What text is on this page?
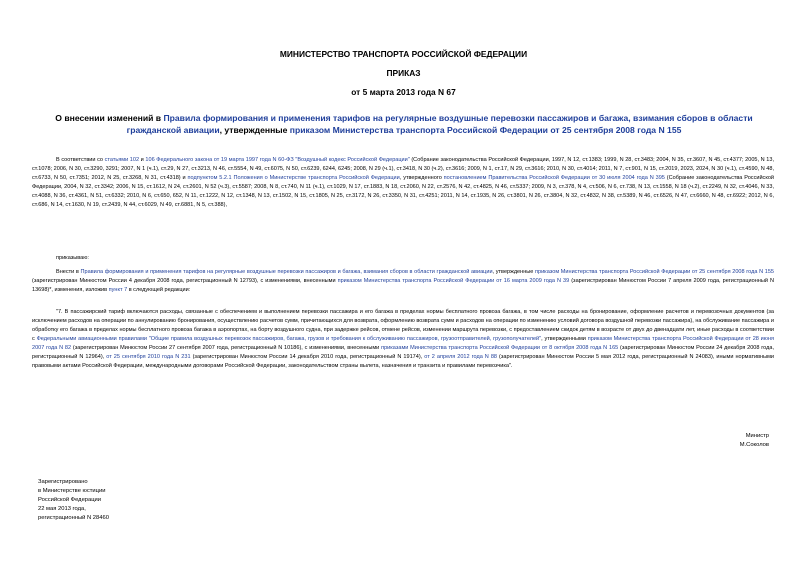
МИНИСТЕРСТВО ТРАНСПОРТА РОССИЙСКОЙ ФЕДЕРАЦИИ
ПРИКАЗ
от 5 марта 2013 года N 67
О внесении изменений в Правила формирования и применения тарифов на регулярные воздушные перевозки пассажиров и багажа, взимания сборов в области гражданской авиации, утвержденные приказом Министерства транспорта Российской Федерации от 25 сентября 2008 года N 155
В соответствии со статьями 102 и 106 Федерального закона от 19 марта 1997 года N 60-ФЗ "Воздушный кодекс Российской Федерации" (Собрание законодательства Российской Федерации, 1997, N 12, ст.1383; 1999, N 28, ст.3483; 2004, N 35, ст.3607, N 45, ст.4377; 2005, N 13, ст.1078; 2006, N 30, ст.3290, 3291; 2007, N 1 (ч.1), ст.29, N 27, ст.3213, N 46, ст.5554, N 49, ст.6075, N 50, ст.6239, 6244, 6245; 2008, N 29 (ч.1), ст.3418, N 30 (ч.2), ст.3616; 2009, N 1, ст.17, N 29, ст.3616; 2010, N 30, ст.4014; 2011, N 7, ст.901, N 15, ст.2019, 2023, 2024, N 30 (ч.1), ст.4590, N 48, ст.6733, N 50, ст.7351; 2012, N 25, ст.3268, N 31, ст.4318) и подпунктом 5.2.1 Положения о Министерстве транспорта Российской Федерации, утвержденного постановлением Правительства Российской Федерации от 30 июля 2004 года N 395 (Собрание законодательства Российской Федерации, 2004, N 32, ст.3342; 2006, N 15, ст.1612, N 24, ст.2601, N 52 (ч.3), ст.5587; 2008, N 8, ст.740, N 11 (ч.1), ст.1029, N 17, ст.1883, N 18, ст.2060, N 22, ст.2576, N 42, ст.4825, N 46, ст.5337; 2009, N 3, ст.378, N 4, ст.506, N 6, ст.738, N 13, ст.1558, N 18 (ч.2), ст.2249, N 32, ст.4046, N 33, ст.4088, N 36, ст.4361, N 51, ст.6332; 2010, N 6, ст.650, 652, N 11, ст.1222, N 12, ст.1348, N 13, ст.1502, N 15, ст.1805, N 25, ст.3172, N 26, ст.3350, N 31, ст.4251; 2011, N 14, ст.1935, N 26, ст.3801, N 26, ст.3804, N 32, ст.4832, N 38, ст.5389, N 46, ст.6526, N 47, ст.6660, N 48, ст.6922; 2012, N 6, ст.686, N 14, ст.1630, N 19, ст.2439, N 44, ст.6029, N 49, ст.6881, N 5, ст.388),
приказываю:
Внести в Правила формирования и применения тарифов на регулярные воздушные перевозки пассажиров и багажа, взимания сборов в области гражданской авиации, утвержденные приказом Министерства транспорта Российской Федерации от 25 сентября 2008 года N 155 (зарегистрирован Минюстом России 4 декабря 2008 года, регистрационный N 12793), с изменениями, внесенными приказом Министерства транспорта Российской Федерации от 16 марта 2009 года N 39 (зарегистрирован Минюстом России 7 апреля 2009 года, регистрационный N 13698)*, изменения, изложив пункт 7 в следующей редакции:
"7. В пассажирский тариф включаются расходы, связанные с обеспечением и выполнением перевозки пассажира и его багажа в пределах нормы бесплатного провоза багажа, в том числе расходы на бронирование, оформление расчетов и перевозочных документов (за исключением расходов на операции по аннулированию бронирования, осуществлению расчетов сумм, причитающихся для возврата, оформлению возврата сумм и расходов на операции по изменению условий договора воздушной перевозки пассажира), на обслуживание пассажира и обработку его багажа в пределах нормы бесплатного провоза багажа в аэропортах, на борту воздушного судна, при задержке рейсов, отмене рейсов, изменении маршрута перевозки, с предоставлением скидок детям в возрасте от двух до двенадцати лет, иные расходы в соответствии с Федеральными авиационными правилами "Общие правила воздушных перевозок пассажиров, багажа, грузов и требования к обслуживанию пассажиров, грузоотправителей, грузополучателей", утвержденными приказом Министерства транспорта Российской Федерации от 28 июня 2007 года N 82 (зарегистрирован Минюстом России 27 сентября 2007 года, регистрационный N 10186), с изменениями, внесенными приказами Министерства транспорта Российской Федерации от 8 октября 2008 года N 165 (зарегистрирован Минюстом России 24 декабря 2008 года, регистрационный N 12964), от 25 сентября 2010 года N 231 (зарегистрирован Минюстом России 14 декабря 2010 года, регистрационный N 19174), от 2 апреля 2012 года N 88 (зарегистрирован Минюстом России 5 мая 2012 года, регистрационный N 24083), иными нормативными правовыми актами Российской Федерации, международными договорами Российской Федерации, законодательством страны вылета, назначения и транзита и правилами перевозчика".
Министр
М.Соколов
Зарегистрировано
в Министерстве юстиции
Российской Федерации
22 мая 2013 года,
регистрационный N 28460
